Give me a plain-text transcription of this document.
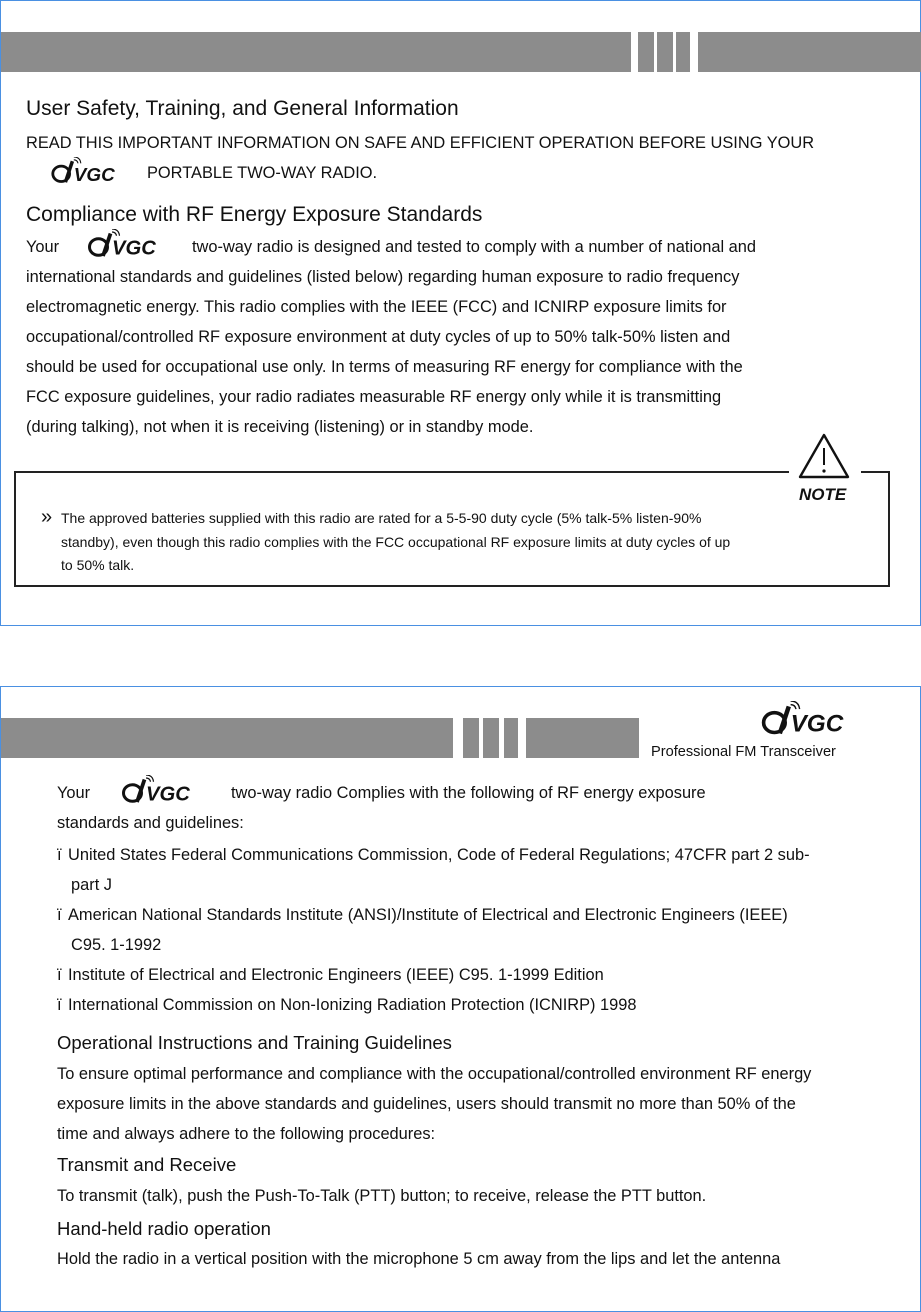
User Safety, Training, and General Information
READ THIS IMPORTANT INFORMATION ON SAFE AND EFFICIENT OPERATION BEFORE USING YOUR
PORTABLE TWO-WAY RADIO.
Compliance with RF Energy Exposure Standards
Your	two-way radio is designed and tested to comply with a number of national and
international standards and guidelines (listed below) regarding human exposure to radio frequency
electromagnetic energy. This radio complies with the IEEE (FCC) and ICNIRP exposure limits for
occupational/controlled RF exposure environment at duty cycles of up to 50% talk-50% listen and
should be used for occupational use only. In terms of measuring RF energy for compliance with the
FCC exposure guidelines, your radio radiates measurable RF energy only while it is transmitting
(during talking), not when it is receiving (listening) or in standby mode.
NOTE
» The approved batteries supplied with this radio are rated for a 5-5-90 duty cycle (5% talk-5% listen-90%
standby), even though this radio complies with the FCC occupational RF exposure limits at duty cycles of up
to 50% talk.
Professional FM Transceiver
Your	two-way radio Complies with the following of RF energy exposure
standards and guidelines:
ï United States Federal Communications Commission, Code of Federal Regulations; 47CFR part 2 sub-
part J
ï American National Standards Institute (ANSI)/Institute of Electrical and Electronic Engineers (IEEE)
C95. 1-1992
ï Institute of Electrical and Electronic Engineers (IEEE) C95. 1-1999 Edition
ï International Commission on Non-Ionizing Radiation Protection (ICNIRP) 1998
Operational Instructions and Training Guidelines
To ensure optimal performance and compliance with the occupational/controlled environment RF energy
exposure limits in the above standards and guidelines, users should transmit no more than 50% of the
time and always adhere to the following procedures:
Transmit and Receive
To transmit (talk), push the Push-To-Talk (PTT) button; to receive, release the PTT button.
Hand-held radio operation
Hold the radio in a vertical position with the microphone 5 cm away from the lips and let the antenna
